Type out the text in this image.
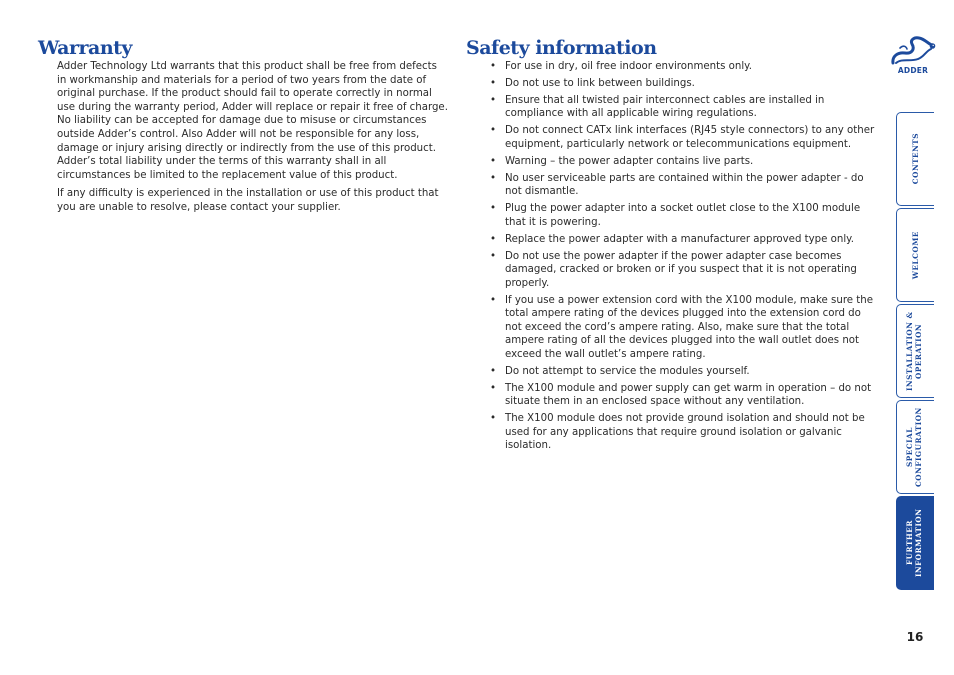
Warranty

Adder Technology Ltd warrants that this product shall be free from defects in workmanship and materials for a period of two years from the date of original purchase. If the product should fail to operate correctly in normal use during the warranty period, Adder will replace or repair it free of charge. No liability can be accepted for damage due to misuse or circumstances outside Adder’s control. Also Adder will not be responsible for any loss, damage or injury arising directly or indirectly from the use of this product. Adder’s total liability under the terms of this warranty shall in all circumstances be limited to the replacement value of this product.

If any difficulty is experienced in the installation or use of this product that you are unable to resolve, please contact your supplier.

Safety information
• For use in dry, oil free indoor environments only.
• Do not use to link between buildings.
• Ensure that all twisted pair interconnect cables are installed in compliance with all applicable wiring regulations.
• Do not connect CATx link interfaces (RJ45 style connectors) to any other equipment, particularly network or telecommunications equipment.
• Warning – the power adapter contains live parts.
• No user serviceable parts are contained within the power adapter - do not dismantle.
• Plug the power adapter into a socket outlet close to the X100 module that it is powering.
• Replace the power adapter with a manufacturer approved type only.
• Do not use the power adapter if the power adapter case becomes damaged, cracked or broken or if you suspect that it is not operating properly.
• If you use a power extension cord with the X100 module, make sure the total ampere rating of the devices plugged into the extension cord do not exceed the cord’s ampere rating. Also, make sure that the total ampere rating of all the devices plugged into the wall outlet does not exceed the wall outlet’s ampere rating.
• Do not attempt to service the modules yourself.
• The X100 module and power supply can get warm in operation – do not situate them in an enclosed space without any ventilation.
• The X100 module does not provide ground isolation and should not be used for any applications that require ground isolation or galvanic isolation.
ADDER
CONTENTS
WELCOME
INSTALLATION & OPERATION
SPECIAL CONFIGURATION
FURTHER INFORMATION
16
